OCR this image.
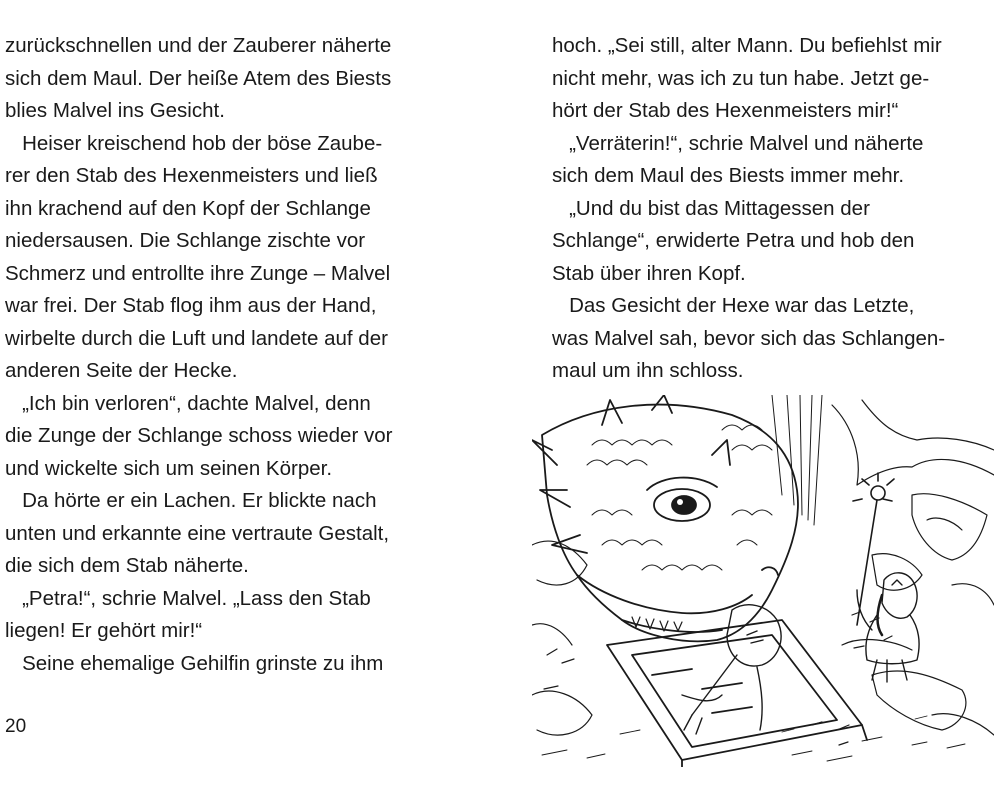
zurückschnellen und der Zauberer näherte
sich dem Maul. Der heiße Atem des Biests
blies Malvel ins Gesicht.
Heiser kreischend hob der böse Zaube-
rer den Stab des Hexenmeisters und ließ
ihn krachend auf den Kopf der Schlange
niedersausen. Die Schlange zischte vor
Schmerz und entrollte ihre Zunge – Malvel
war frei. Der Stab flog ihm aus der Hand,
wirbelte durch die Luft und landete auf der
anderen Seite der Hecke.
„Ich bin verloren“, dachte Malvel, denn
die Zunge der Schlange schoss wieder vor
und wickelte sich um seinen Körper.
Da hörte er ein Lachen. Er blickte nach
unten und erkannte eine vertraute Gestalt,
die sich dem Stab näherte.
„Petra!“, schrie Malvel. „Lass den Stab
liegen! Er gehört mir!“
Seine ehemalige Gehilfin grinste zu ihm
20
hoch. „Sei still, alter Mann. Du befiehlst mir
nicht mehr, was ich zu tun habe. Jetzt ge-
hört der Stab des Hexenmeisters mir!“
„Verräterin!“, schrie Malvel und näherte
sich dem Maul des Biests immer mehr.
„Und du bist das Mittagessen der
Schlange“, erwiderte Petra und hob den
Stab über ihren Kopf.
Das Gesicht der Hexe war das Letzte,
was Malvel sah, bevor sich das Schlangen-
maul um ihn schloss.
